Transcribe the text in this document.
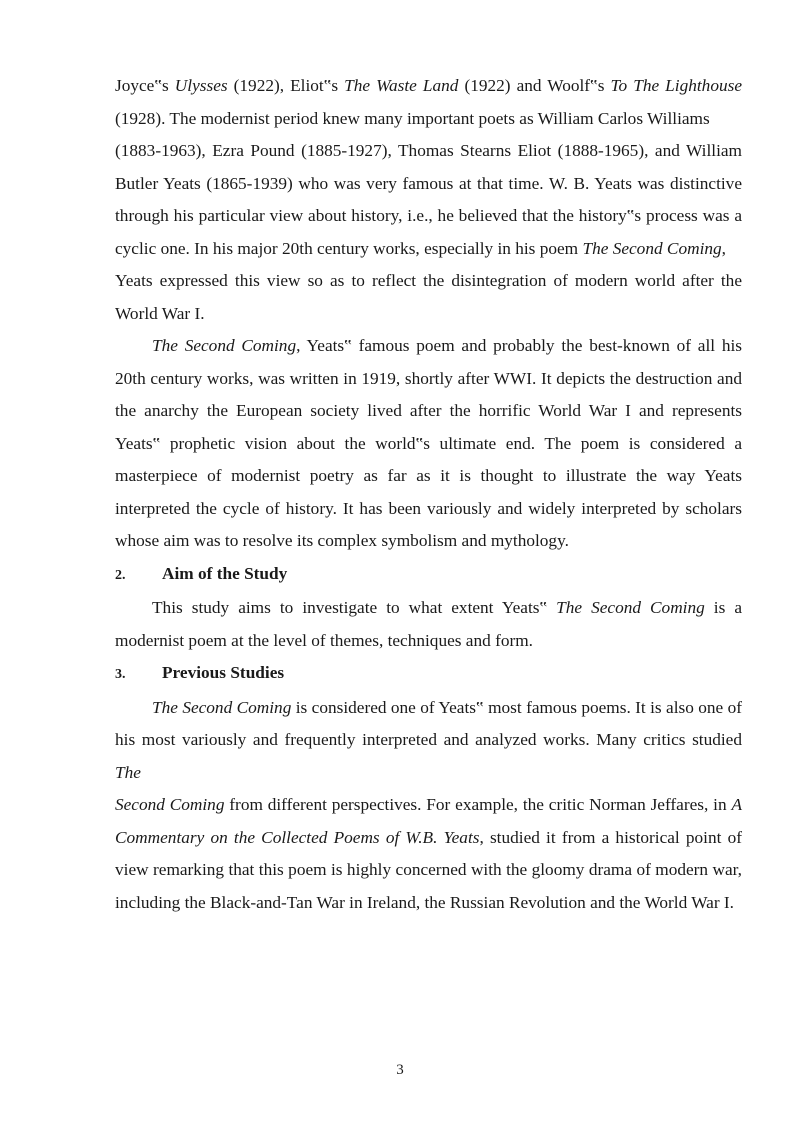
Joyce‟s Ulysses (1922), Eliot‟s The Waste Land (1922) and Woolf‟s To The Lighthouse (1928). The modernist period knew many important poets as William Carlos Williams

(1883-1963), Ezra Pound (1885-1927), Thomas Stearns Eliot (1888-1965), and William Butler Yeats (1865-1939) who was very famous at that time. W. B. Yeats was distinctive through his particular view about history, i.e., he believed that the history‟s process was a cyclic one. In his major 20th century works, especially in his poem The Second Coming,

Yeats expressed this view so as to reflect the disintegration of modern world after the World War I.

The Second Coming, Yeats‟ famous poem and probably the best-known of all his 20th century works, was written in 1919, shortly after WWI. It depicts the destruction and the anarchy the European society lived after the horrific World War I and represents Yeats‟ prophetic vision about the world‟s ultimate end. The poem is considered a masterpiece of modernist poetry as far as it is thought to illustrate the way Yeats interpreted the cycle of history. It has been variously and widely interpreted by scholars whose aim was to resolve its complex symbolism and mythology.

2. Aim of the Study

This study aims to investigate to what extent Yeats‟ The Second Coming is a modernist poem at the level of themes, techniques and form.

3. Previous Studies

The Second Coming is considered one of Yeats‟ most famous poems. It is also one of his most variously and frequently interpreted and analyzed works. Many critics studied The

Second Coming from different perspectives. For example, the critic Norman Jeffares, in A Commentary on the Collected Poems of W.B. Yeats, studied it from a historical point of view remarking that this poem is highly concerned with the gloomy drama of modern war, including the Black-and-Tan War in Ireland, the Russian Revolution and the World War I.

3
